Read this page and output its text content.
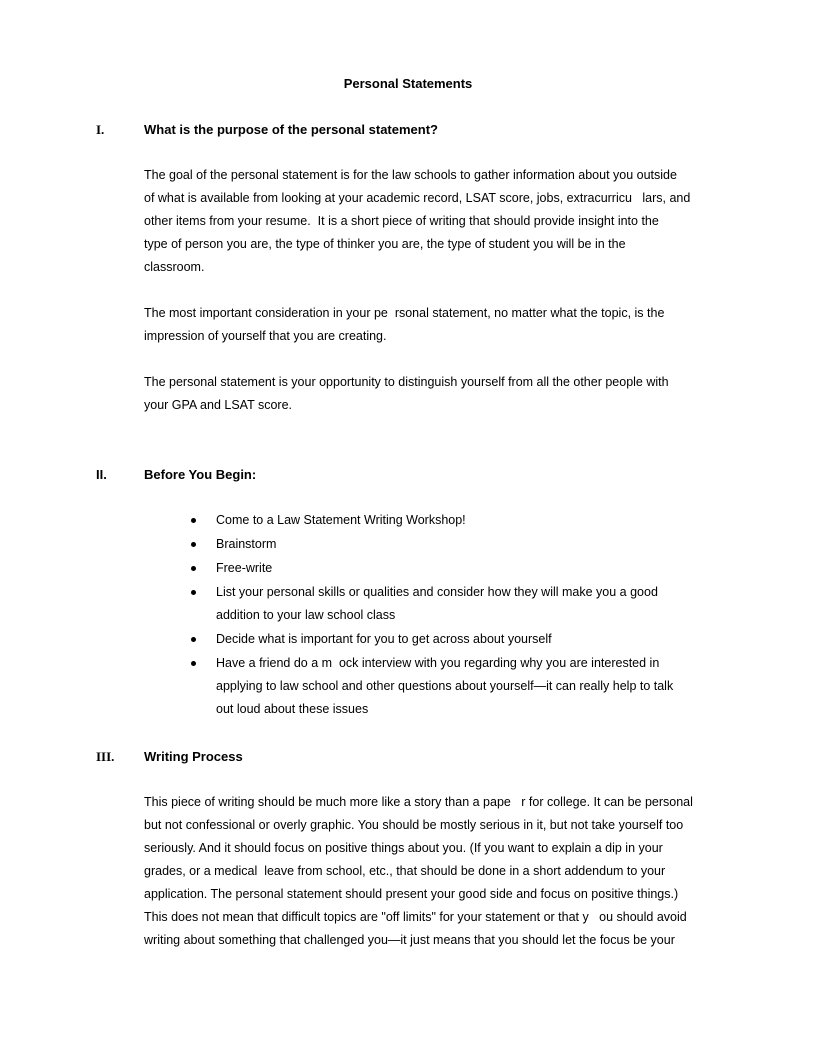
Personal Statements
I.	What is the purpose of the personal statement?
The goal of the personal statement is for the law schools to gather information about you outside
of what is available from looking at your academic record, LSAT score, jobs, extracurricu   lars, and
other items from your resume.  It is a short piece of writing that should provide insight into the
type of person you are, the type of thinker you are, the type of student you will be in the
classroom.
The most important consideration in your pe  rsonal statement, no matter what the topic, is the
impression of yourself that you are creating.
The personal statement is your opportunity to distinguish yourself from all the other people with
your GPA and LSAT score.
II.	Before You Begin:
Come to a Law Statement Writing Workshop!
Brainstorm
Free-write
List your personal skills or qualities and consider how they will make you a good
addition to your law school class
Decide what is important for you to get across about yourself
Have a friend do a m  ock interview with you regarding why you are interested in
applying to law school and other questions about yourself—it can really help to talk
out loud about these issues
III. Writing Process
This piece of writing should be much more like a story than a pape   r for college. It can be personal
but not confessional or overly graphic. You should be mostly serious in it, but not take yourself too
seriously. And it should focus on positive things about you. (If you want to explain a dip in your
grades, or a medical  leave from school, etc., that should be done in a short addendum to your
application. The personal statement should present your good side and focus on positive things.)
This does not mean that difficult topics are "off limits" for your statement or that y   ou should avoid
writing about something that challenged you—it just means that you should let the focus be your
